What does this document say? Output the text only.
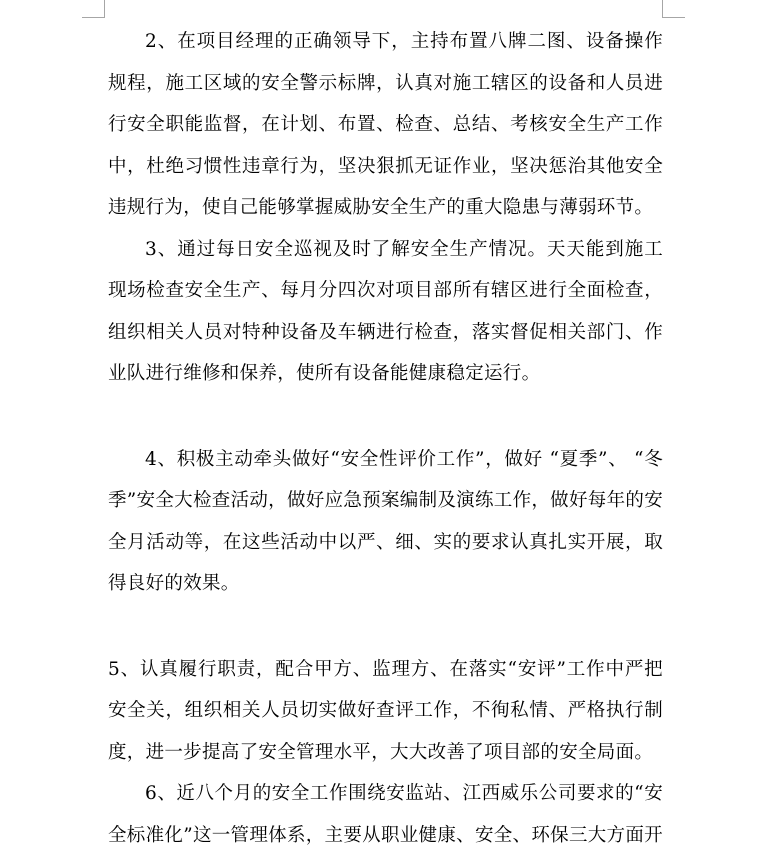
2、在项目经理的正确领导下，主持布置八牌二图、设备操作规程，施工区域的安全警示标牌，认真对施工辖区的设备和人员进行安全职能监督，在计划、布置、检查、总结、考核安全生产工作中，杜绝习惯性违章行为，坚决狠抓无证作业，坚决惩治其他安全违规行为，使自己能够掌握威胁安全生产的重大隐患与薄弱环节。

3、通过每日安全巡视及时了解安全生产情况。天天能到施工现场检查安全生产、每月分四次对项目部所有辖区进行全面检查，组织相关人员对特种设备及车辆进行检查，落实督促相关部门、作业队进行维修和保养，使所有设备能健康稳定运行。

4、积极主动牵头做好“安全性评价工作”，做好 “夏季”、 “冬季”安全大检查活动，做好应急预案编制及演练工作，做好每年的安全月活动等，在这些活动中以严、细、实的要求认真扎实开展，取得良好的效果。

5、认真履行职责，配合甲方、监理方、在落实“安评”工作中严把安全关，组织相关人员切实做好查评工作，不徇私情、严格执行制度，进一步提高了安全管理水平，大大改善了项目部的安全局面。

6、近八个月的安全工作围绕安监站、江西威乐公司要求的“安全标准化”这一管理体系，主要从职业健康、安全、环保三大方面开
